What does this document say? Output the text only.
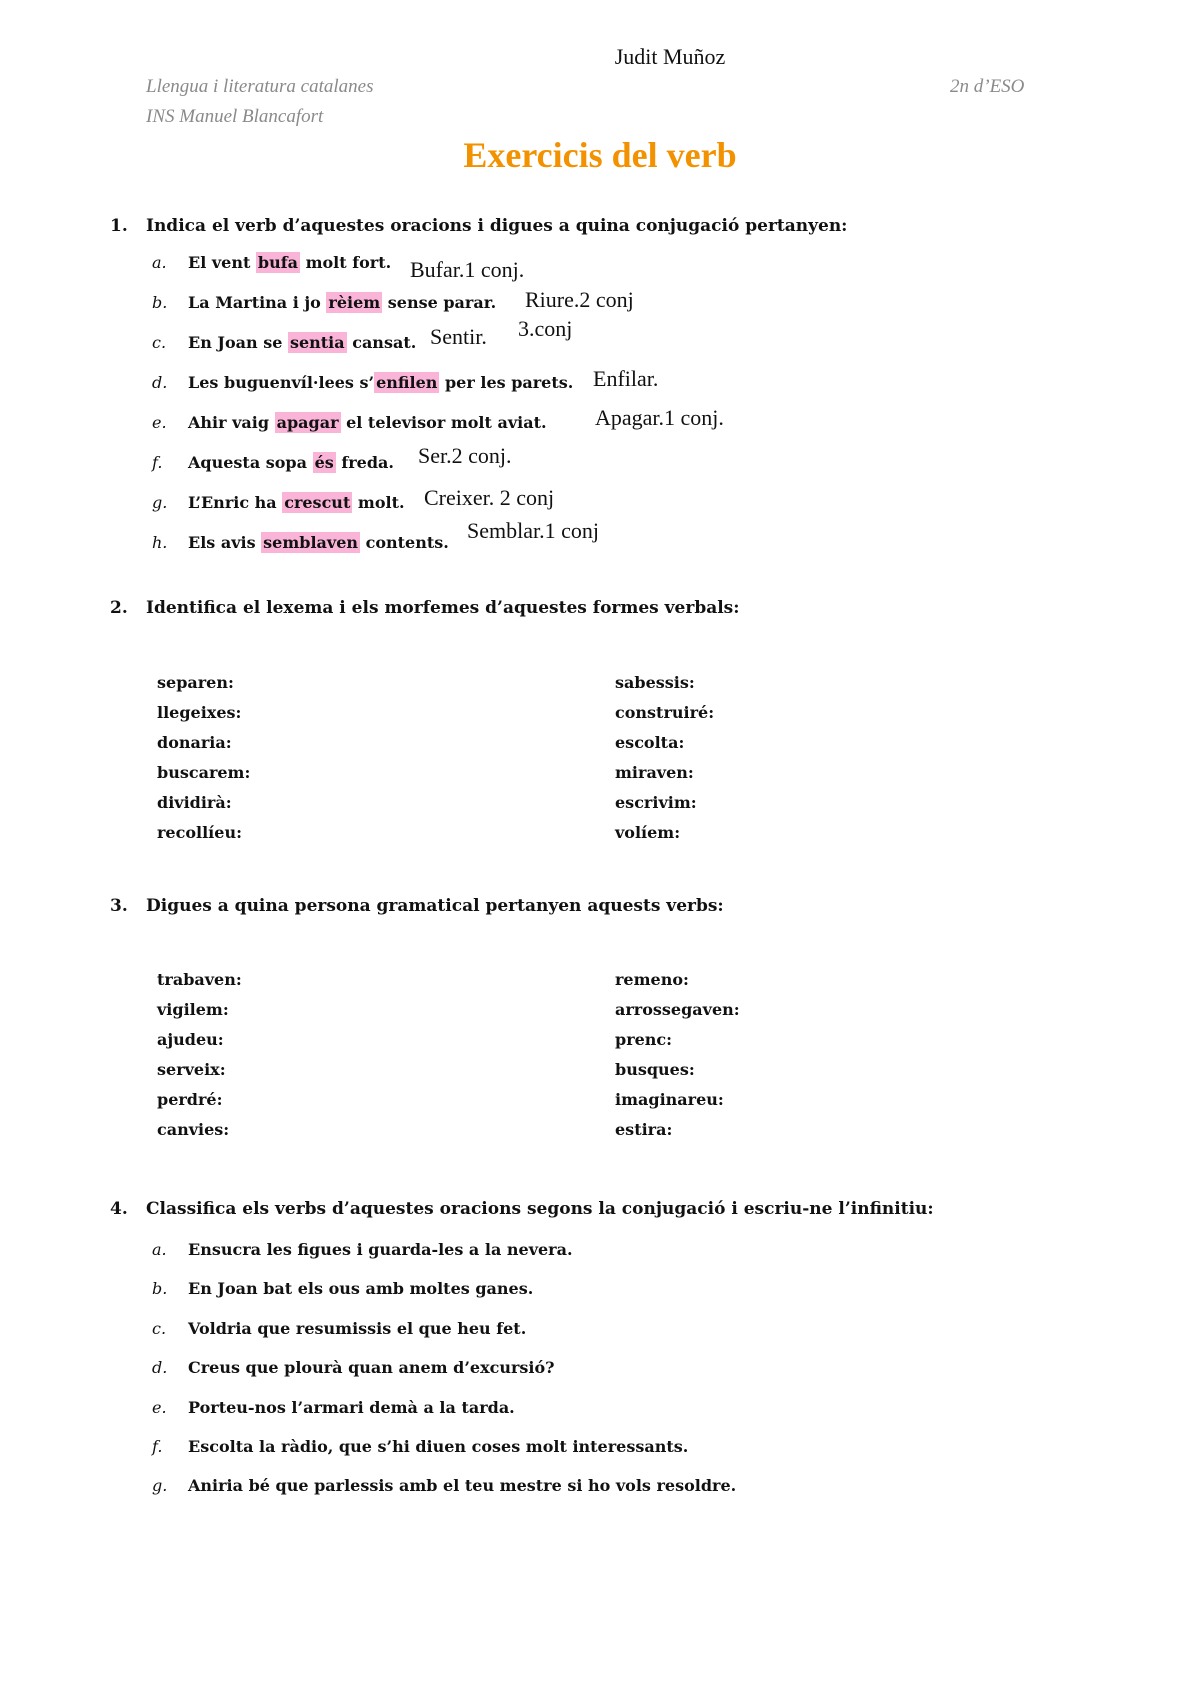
Judit Muñoz
Llengua i literatura catalanes	2n d’ESO
INS Manuel Blancafort
Exercicis del verb
1. Indica el verb d’aquestes oracions i digues a quina conjugació pertanyen:
a. El vent bufa molt fort.
b. La Martina i jo rèiem sense parar.
c. En Joan se sentia cansat.
d. Les buguenvíl·lees s’ enfilen per les parets.
e. Ahir vaig apagar el televisor molt aviat.
f. Aquesta sopa és freda.
g. L’Enric ha crescut molt.
h. Els avis semblaven contents.
Bufar.1 conj.
Riure.2 conj
Sentir. 3.conj
Enfilar.
Apagar.1 conj.
Ser.2 conj.
Creixer. 2 conj
Semblar.1 conj
2. Identifica el lexema i els morfemes d’aquestes formes verbals:
separen:
llegeixes:
donaria:
buscarem:
dividirà:
recollíeu:
sabessis:
construiré:
escolta:
miraven:
escrivim:
volíem:
3. Digues a quina persona gramatical pertanyen aquests verbs:
trabaven:
vigilem:
ajudeu:
serveix:
perdré:
canvies:
remeno:
arrossegaven:
prenc:
busques:
imaginareu:
estira:
4. Classifica els verbs d’aquestes oracions segons la conjugació i escriu-ne l’infinitiu:
a. Ensucra les figues i guarda-les a la nevera.
b. En Joan bat els ous amb moltes ganes.
c. Voldria que resumissis el que heu fet.
d. Creus que plourà quan anem d’excursió?
e. Porteu-nos l’armari demà a la tarda.
f. Escolta la ràdio, que s’hi diuen coses molt interessants.
g. Aniria bé que parlessis amb el teu mestre si ho vols resoldre.
